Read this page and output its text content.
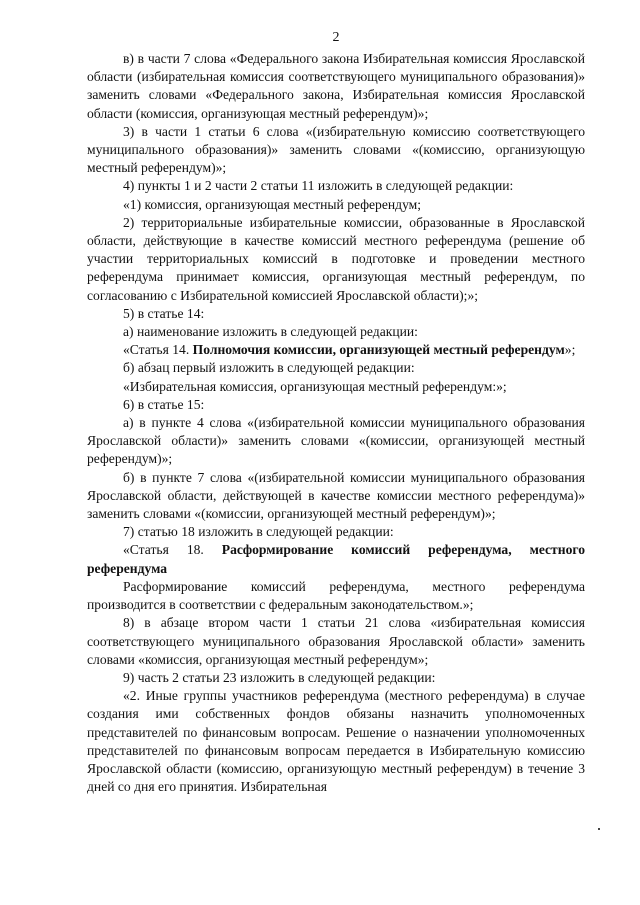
2

в) в части 7 слова «Федерального закона Избирательная комиссия Ярославской области (избирательная комиссия соответствующего муниципального образования)» заменить словами «Федерального закона, Избирательная комиссия Ярославской области (комиссия, организующая местный референдум)»;

3) в части 1 статьи 6 слова «(избирательную комиссию соответствующего муниципального образования)» заменить словами «(комиссию, организующую местный референдум)»;

4) пункты 1 и 2 части 2 статьи 11 изложить в следующей редакции:

«1) комиссия, организующая местный референдум;

2) территориальные избирательные комиссии, образованные в Ярославской области, действующие в качестве комиссий местного референдума (решение об участии территориальных комиссий в подготовке и проведении местного референдума принимает комиссия, организующая местный референдум, по согласованию с Избирательной комиссией Ярославской области);»;

5) в статье 14:

а) наименование изложить в следующей редакции:

«Статья 14. Полномочия комиссии, организующей местный референдум»;

б) абзац первый изложить в следующей редакции:

«Избирательная комиссия, организующая местный референдум:»;

6) в статье 15:

а) в пункте 4 слова «(избирательной комиссии муниципального образования Ярославской области)» заменить словами «(комиссии, организующей местный референдум)»;

б) в пункте 7 слова «(избирательной комиссии муниципального образования Ярославской области, действующей в качестве комиссии местного референдума)» заменить словами «(комиссии, организующей местный референдум)»;

7) статью 18 изложить в следующей редакции:

«Статья 18. Расформирование комиссий референдума, местного референдума

Расформирование комиссий референдума, местного референдума производится в соответствии с федеральным законодательством.»;

8) в абзаце втором части 1 статьи 21 слова «избирательная комиссия соответствующего муниципального образования Ярославской области» заменить словами «комиссия, организующая местный референдум»;

9) часть 2 статьи 23 изложить в следующей редакции:

«2. Иные группы участников референдума (местного референдума) в случае создания ими собственных фондов обязаны назначить уполномоченных представителей по финансовым вопросам. Решение о назначении уполномоченных представителей по финансовым вопросам передается в Избирательную комиссию Ярославской области (комиссию, организующую местный референдум) в течение 3 дней со дня его принятия. Избирательная
